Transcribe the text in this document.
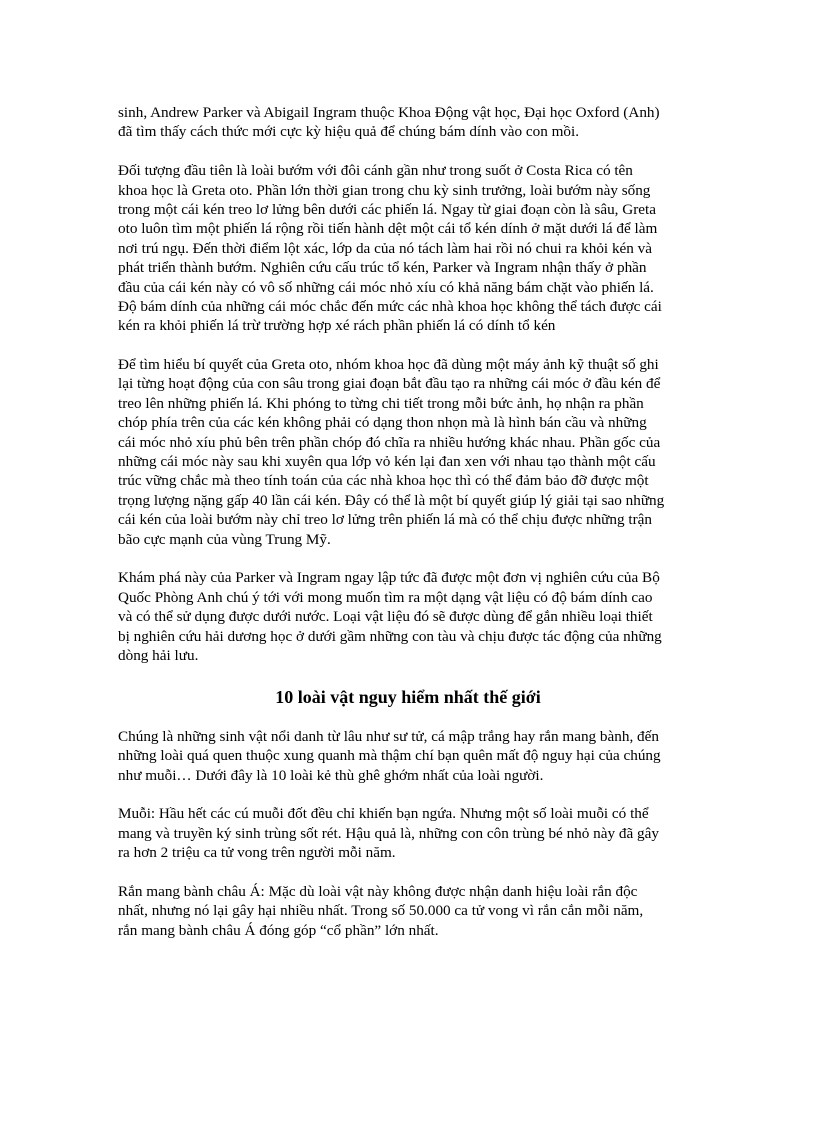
sinh, Andrew Parker và Abigail Ingram thuộc Khoa Động vật học, Đại học Oxford (Anh)
đã tìm thấy cách thức mới cực kỳ hiệu quả để chúng bám dính vào con mồi.
Đối tượng đầu tiên là loài bướm với đôi cánh gần như trong suốt ở Costa Rica có tên
khoa học là Greta oto. Phần lớn thời gian trong chu kỳ sinh trưởng, loài bướm này sống
trong một cái kén treo lơ lửng bên dưới các phiến lá. Ngay từ giai đoạn còn là sâu, Greta
oto luôn tìm một phiến lá rộng rồi tiến hành dệt một cái tổ kén dính ở mặt dưới lá để làm
nơi trú ngụ. Đến thời điểm lột xác, lớp da của nó tách làm hai rồi nó chui ra khỏi kén và
phát triển thành bướm. Nghiên cứu cấu trúc tổ kén, Parker và Ingram nhận thấy ở phần
đầu của cái kén này có vô số những cái móc nhỏ xíu có khả năng bám chặt vào phiến lá.
Độ bám dính của những cái móc chắc đến mức các nhà khoa học không thể tách được cái
kén ra khỏi phiến lá trừ trường hợp xé rách phần phiến lá có dính tổ kén
Để tìm hiểu bí quyết của Greta oto, nhóm khoa học đã dùng một máy ảnh kỹ thuật số ghi
lại từng hoạt động của con sâu trong giai đoạn bắt đầu tạo ra những cái móc ở đầu kén để
treo lên những phiến lá. Khi phóng to từng chi tiết trong mỗi bức ảnh, họ nhận ra phần
chóp phía trên của các kén không phải có dạng thon nhọn mà là hình bán cầu và những
cái móc nhỏ xíu phủ bên trên phần chóp đó chĩa ra nhiều hướng khác nhau. Phần gốc của
những cái móc này sau khi xuyên qua lớp vỏ kén lại đan xen với nhau tạo thành một cấu
trúc vững chắc mà theo tính toán của các nhà khoa học thì có thể đảm bảo đỡ được một
trọng lượng nặng gấp 40 lần cái kén. Đây có thể là một bí quyết giúp lý giải tại sao những
cái kén của loài bướm này chỉ treo lơ lửng trên phiến lá mà có thể chịu được những trận
bão cực mạnh của vùng Trung Mỹ.
Khám phá này của Parker và Ingram ngay lập tức đã được một đơn vị nghiên cứu của Bộ
Quốc Phòng Anh chú ý tới với mong muốn tìm ra một dạng vật liệu có độ bám dính cao
và có thể sử dụng được dưới nước. Loại vật liệu đó sẽ được dùng để gắn nhiều loại thiết
bị nghiên cứu hải dương học ở dưới gầm những con tàu và chịu được tác động của những
dòng hải lưu.
10 loài vật nguy hiểm nhất thế giới
Chúng là những sinh vật nổi danh từ lâu như sư tử, cá mập trắng hay rắn mang bành, đến
những loài quá quen thuộc xung quanh mà thậm chí bạn quên mất độ nguy hại của chúng
như muỗi… Dưới đây là 10 loài kẻ thù ghê ghớm nhất của loài người.
Muỗi: Hầu hết các cú muỗi đốt đều chỉ khiến bạn ngứa. Nhưng một số loài muỗi có thể
mang và truyền ký sinh trùng sốt rét. Hậu quả là, những con côn trùng bé nhỏ này đã gây
ra hơn 2 triệu ca tử vong trên người mỗi năm.
Rắn mang bành châu Á: Mặc dù loài vật này không được nhận danh hiệu loài rắn độc
nhất, nhưng nó lại gây hại nhiều nhất. Trong số 50.000 ca tử vong vì rắn cắn mỗi năm,
rắn mang bành châu Á đóng góp “cổ phần” lớn nhất.
